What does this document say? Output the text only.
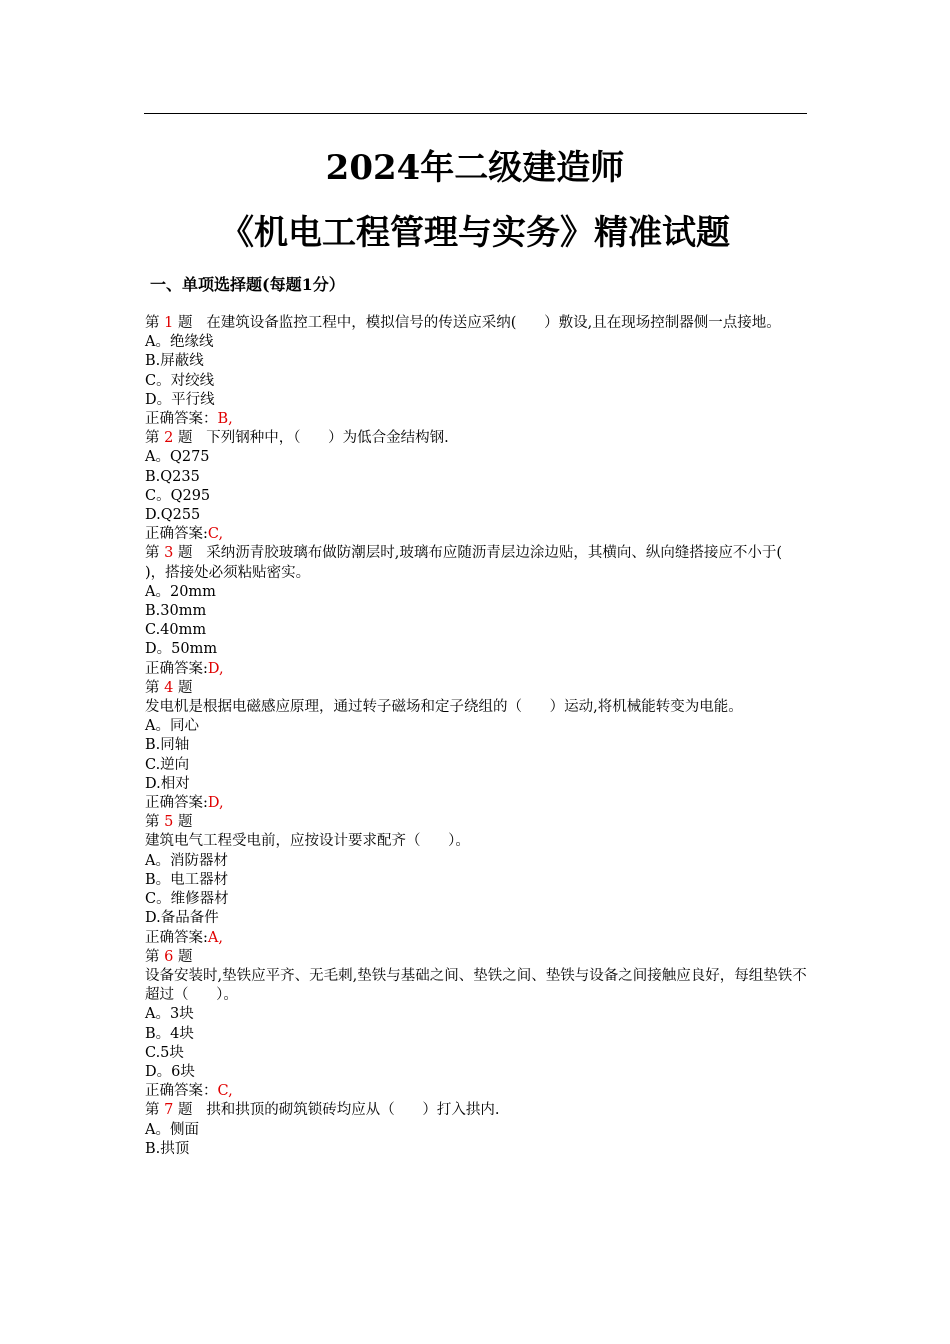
2024年二级建造师
《机电工程管理与实务》精准试题
一、单项选择题(每题1分）
第 1 题 在建筑设备监控工程中，模拟信号的传送应采纳(      ）敷设,且在现场控制器侧一点接地。
A。绝缘线
B.屏蔽线
C。对绞线
D。平行线
正确答案：B,
第 2 题 下列钢种中，（      ）为低合金结构钢.
A。Q275
B.Q235
C。Q295
D.Q255
正确答案:C,
第 3 题 采纳沥青胶玻璃布做防潮层时,玻璃布应随沥青层边涂边贴，其横向、纵向缝搭接应不小于(     )，搭接处必须粘贴密实。
A。20mm
B.30mm
C.40mm
D。50mm
正确答案:D,
第 4 题
发电机是根据电磁感应原理，通过转子磁场和定子绕组的（      ）运动,将机械能转变为电能。
A。同心
B.同轴
C.逆向
D.相对
正确答案:D,
第 5 题
建筑电气工程受电前，应按设计要求配齐（      ）。
A。消防器材
B。电工器材
C。维修器材
D.备品备件
正确答案:A,
第 6 题
设备安装时,垫铁应平齐、无毛刺,垫铁与基础之间、垫铁之间、垫铁与设备之间接触应良好，每组垫铁不超过（      ）。
A。3块
B。4块
C.5块
D。6块
正确答案：C,
第 7 题 拱和拱顶的砌筑锁砖均应从（      ）打入拱内.
A。侧面
B.拱顶
